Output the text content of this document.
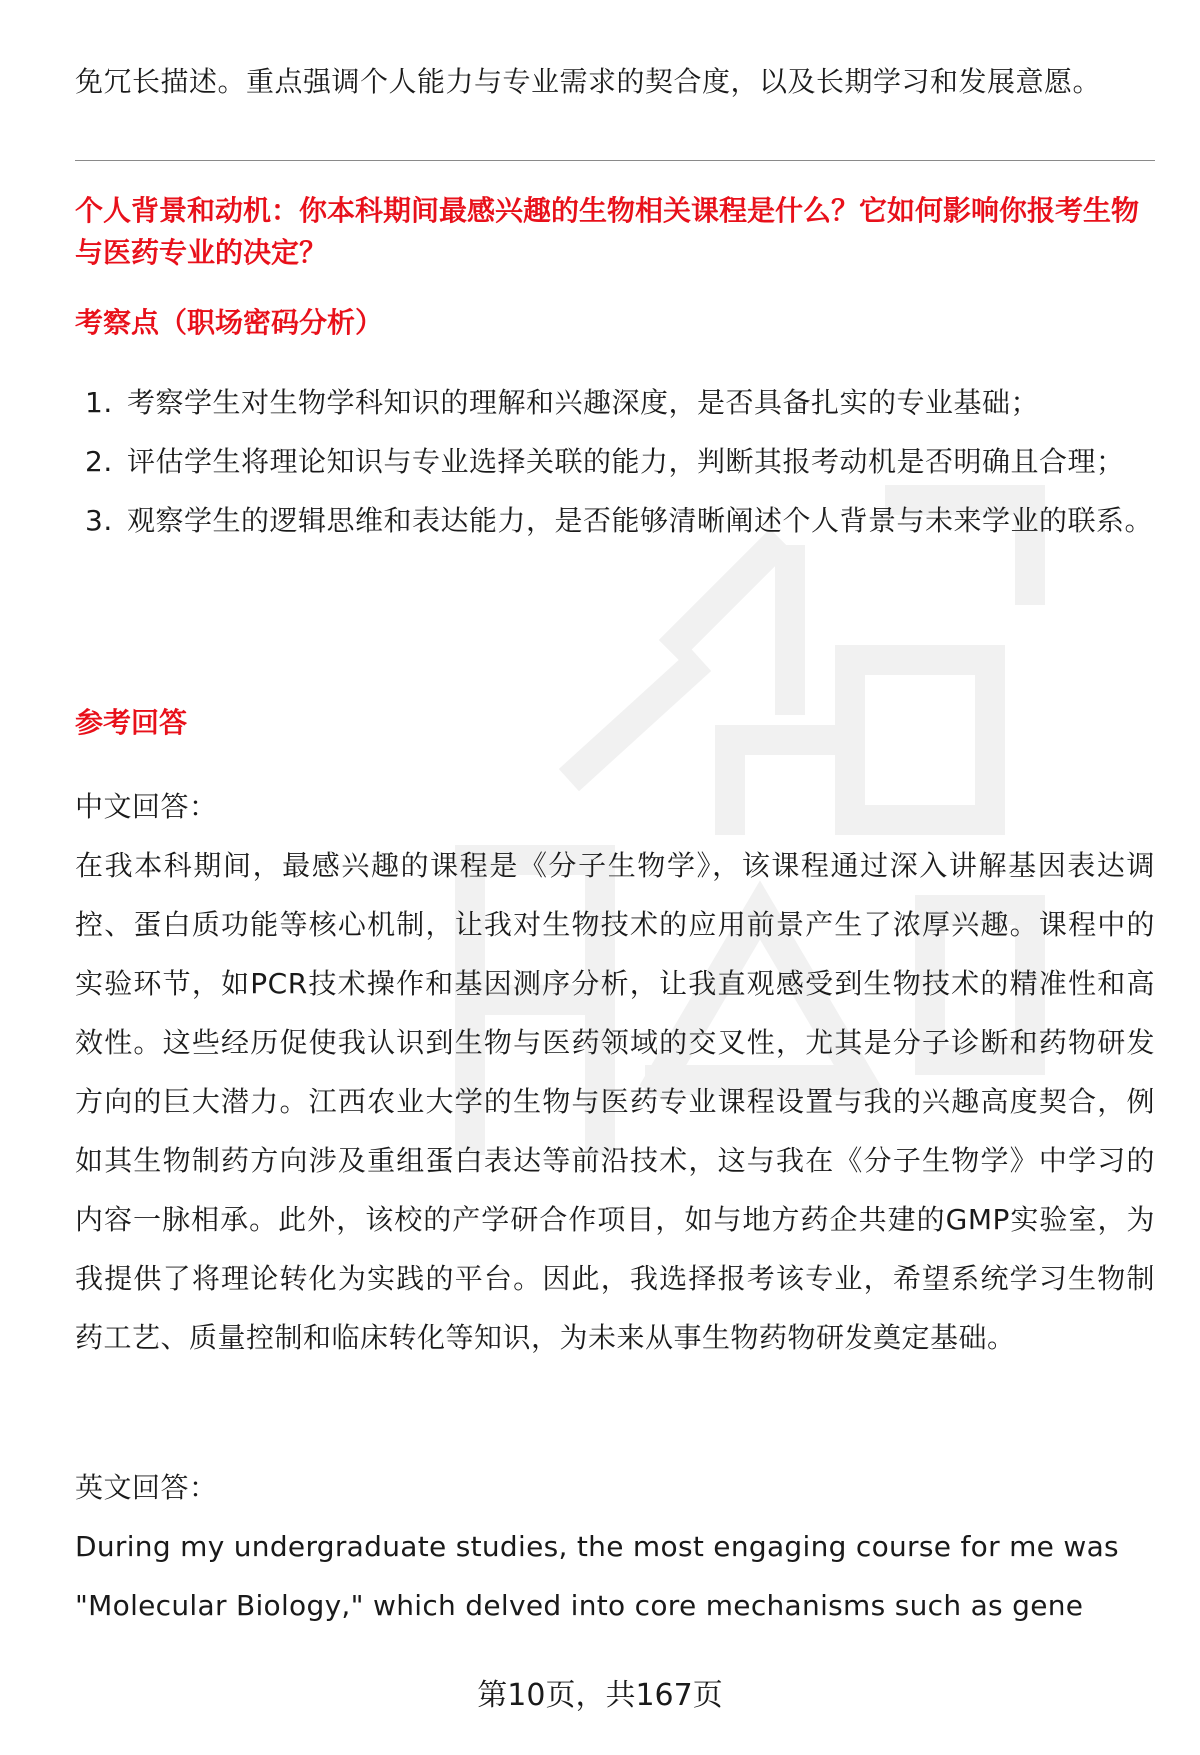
免冗长描述。重点强调个人能力与专业需求的契合度，以及长期学习和发展意愿。

个人背景和动机：你本科期间最感兴趣的生物相关课程是什么？它如何影响你报考生物与医药专业的决定？

考察点（职场密码分析）

1. 考察学生对生物学科知识的理解和兴趣深度，是否具备扎实的专业基础；
2. 评估学生将理论知识与专业选择关联的能力，判断其报考动机是否明确且合理；
3. 观察学生的逻辑思维和表达能力，是否能够清晰阐述个人背景与未来学业的联系。

参考回答

中文回答：

在我本科期间，最感兴趣的课程是《分子生物学》，该课程通过深入讲解基因表达调控、蛋白质功能等核心机制，让我对生物技术的应用前景产生了浓厚兴趣。课程中的实验环节，如PCR技术操作和基因测序分析，让我直观感受到生物技术的精准性和高效性。这些经历促使我认识到生物与医药领域的交叉性，尤其是分子诊断和药物研发方向的巨大潜力。江西农业大学的生物与医药专业课程设置与我的兴趣高度契合，例如其生物制药方向涉及重组蛋白表达等前沿技术，这与我在《分子生物学》中学习的内容一脉相承。此外，该校的产学研合作项目，如与地方药企共建的GMP实验室，为我提供了将理论转化为实践的平台。因此，我选择报考该专业，希望系统学习生物制药工艺、质量控制和临床转化等知识，为未来从事生物药物研发奠定基础。

英文回答：

During my undergraduate studies, the most engaging course for me was "Molecular Biology," which delved into core mechanisms such as gene

第10页，共167页
